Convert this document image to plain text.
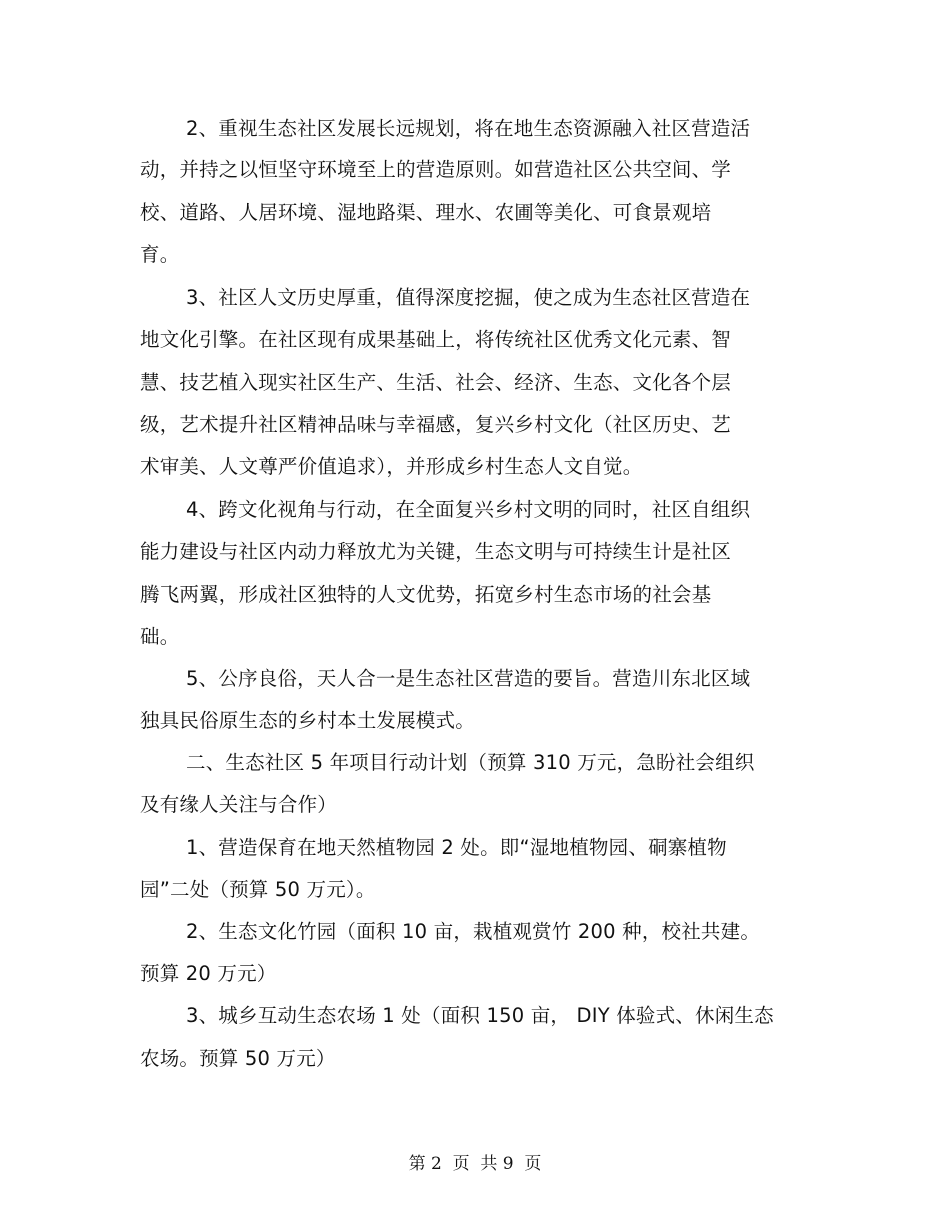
2、重视生态社区发展长远规划，将在地生态资源融入社区营造活
动，并持之以恒坚守环境至上的营造原则。如营造社区公共空间、学
校、道路、人居环境、湿地路渠、理水、农圃等美化、可食景观培
育。
3、社区人文历史厚重，值得深度挖掘，使之成为生态社区营造在
地文化引擎。在社区现有成果基础上，将传统社区优秀文化元素、智
慧、技艺植入现实社区生产、生活、社会、经济、生态、文化各个层
级，艺术提升社区精神品味与幸福感，复兴乡村文化（社区历史、艺
术审美、人文尊严价值追求），并形成乡村生态人文自觉。
4、跨文化视角与行动，在全面复兴乡村文明的同时，社区自组织
能力建设与社区内动力释放尤为关键，生态文明与可持续生计是社区
腾飞两翼，形成社区独特的人文优势，拓宽乡村生态市场的社会基
础。
5、公序良俗，天人合一是生态社区营造的要旨。营造川东北区域
独具民俗原生态的乡村本土发展模式。
二、生态社区 5 年项目行动计划（预算 310 万元，急盼社会组织
及有缘人关注与合作）
1、营造保育在地天然植物园 2 处。即“湿地植物园、硐寨植物
园”二处（预算 50 万元）。
2、生态文化竹园（面积 10 亩，栽植观赏竹 200 种，校社共建。
预算 20 万元）
3、城乡互动生态农场 1 处（面积 150 亩， DIY 体验式、休闲生态
农场。预算 50 万元）
第 2  页  共 9  页
